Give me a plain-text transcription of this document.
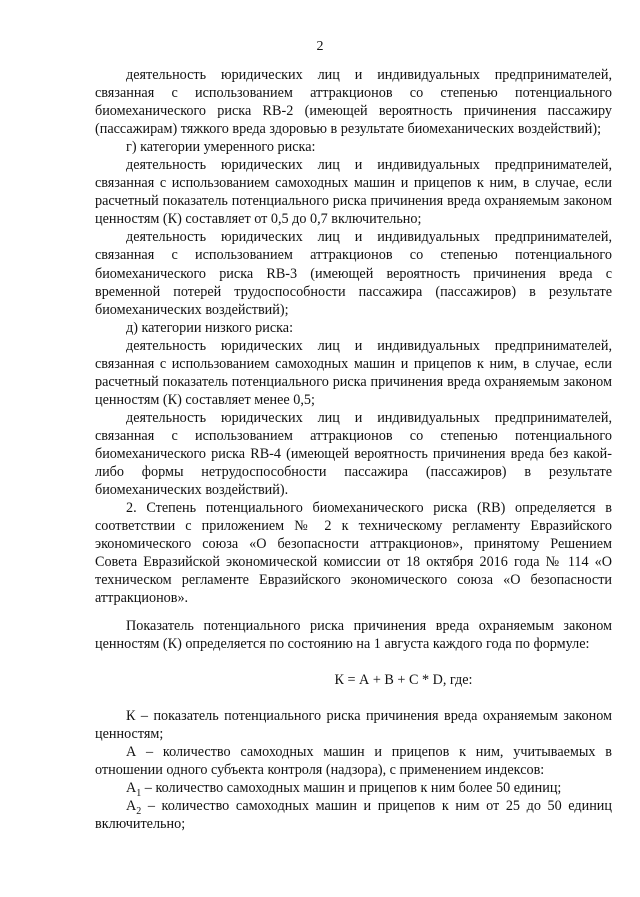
2

деятельность юридических лиц и индивидуальных предпринимателей, связанная с использованием аттракционов со степенью потенциального биомеханического риска RB-2 (имеющей вероятность причинения пассажиру (пассажирам) тяжкого вреда здоровью в результате биомеханических воздействий);

г) категории умеренного риска:

деятельность юридических лиц и индивидуальных предпринимателей, связанная с использованием самоходных машин и прицепов к ним, в случае, если расчетный показатель потенциального риска причинения вреда охраняемым законом ценностям (К) составляет от 0,5 до 0,7 включительно;

деятельность юридических лиц и индивидуальных предпринимателей, связанная с использованием аттракционов со степенью потенциального биомеханического риска RB-3 (имеющей вероятность причинения вреда с временной потерей трудоспособности пассажира (пассажиров) в результате биомеханических воздействий);

д) категории низкого риска:

деятельность юридических лиц и индивидуальных предпринимателей, связанная с использованием самоходных машин и прицепов к ним, в случае, если расчетный показатель потенциального риска причинения вреда охраняемым законом ценностям (К) составляет менее 0,5;

деятельность юридических лиц и индивидуальных предпринимателей, связанная с использованием аттракционов со степенью потенциального биомеханического риска RB-4 (имеющей вероятность причинения вреда без какой-либо формы нетрудоспособности пассажира (пассажиров) в результате биомеханических воздействий).

2. Степень потенциального биомеханического риска (RB) определяется в соответствии с приложением № 2 к техническому регламенту Евразийского экономического союза «О безопасности аттракционов», принятому Решением Совета Евразийской экономической комиссии от 18 октября 2016 года № 114 «О техническом регламенте Евразийского экономического союза «О безопасности аттракционов».

Показатель потенциального риска причинения вреда охраняемым законом ценностям (К) определяется по состоянию на 1 августа каждого года по формуле:

К = А + В + С * D, где:

К – показатель потенциального риска причинения вреда охраняемым законом ценностям;

А – количество самоходных машин и прицепов к ним, учитываемых в отношении одного субъекта контроля (надзора), с применением индексов:

$А_1$ – количество самоходных машин и прицепов к ним более 50 единиц;

$А_2$ – количество самоходных машин и прицепов к ним от 25 до 50 единиц включительно;
